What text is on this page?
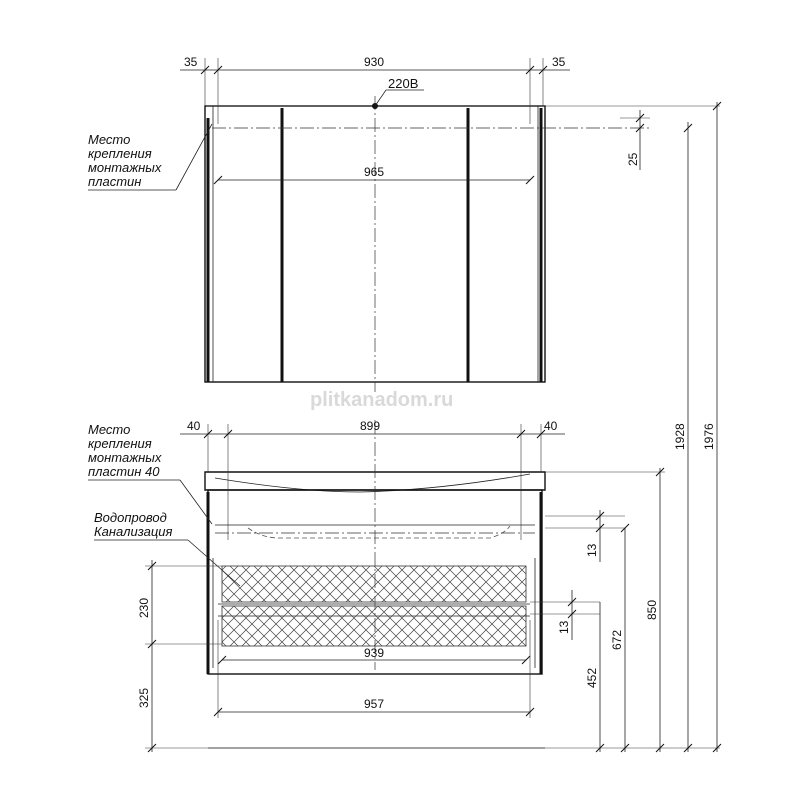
plitkanadom.ru
220В
35	930	35
965
25
Место
крепления
монтажных
пластин
40	899	40
939
957
230
325
13
13
452
672
850
1928 1976
Место
крепления
монтажных
пластин 40
Водопровод
Канализация
